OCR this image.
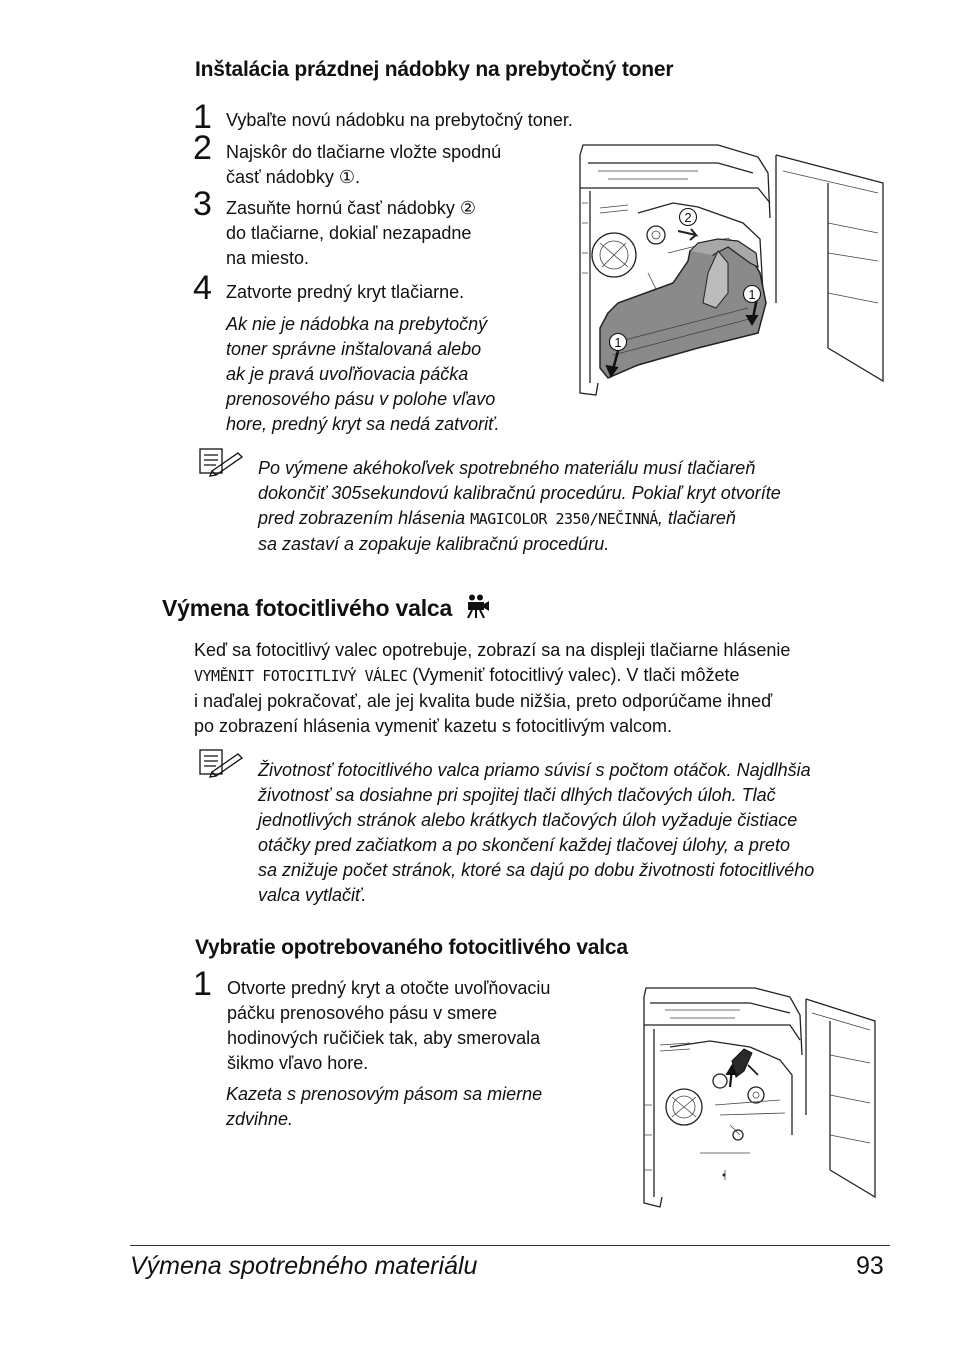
Inštalácia prázdnej nádobky na prebytočný toner
1 Vybaľte novú nádobku na prebytočný toner.
2 Najskôr do tlačiarne vložte spodnú
časť nádobky ①.
3 Zasuňte hornú časť nádobky ②
do tlačiarne, dokiaľ nezapadne
na miesto.
4 Zatvorte predný kryt tlačiarne.
Ak nie je nádobka na prebytočný
toner správne inštalovaná alebo
ak je pravá uvoľňovacia páčka
prenosového pásu v polohe vľavo
hore, predný kryt sa nedá zatvoriť.
2
1
1
Po výmene akéhokoľvek spotrebného materiálu musí tlačiareň
dokončiť 305sekundovú kalibračnú procedúru. Pokiaľ kryt otvoríte
pred zobrazením hlásenia MAGICOLOR 2350/NEČINNÁ, tlačiareň
sa zastaví a zopakuje kalibračnú procedúru.
Výmena fotocitlivého valca
Keď sa fotocitlivý valec opotrebuje, zobrazí sa na displeji tlačiarne hlásenie
VYMĚNIT FOTOCITLIVÝ VÁLEC (Vymeniť fotocitlivý valec). V tlači môžete
i naďalej pokračovať, ale jej kvalita bude nižšia, preto odporúčame ihneď
po zobrazení hlásenia vymeniť kazetu s fotocitlivým valcom.
Životnosť fotocitlivého valca priamo súvisí s počtom otáčok. Najdlhšia
životnosť sa dosiahne pri spojitej tlači dlhých tlačových úloh. Tlač
jednotlivých stránok alebo krátkych tlačových úloh vyžaduje čistiace
otáčky pred začiatkom a po skončení každej tlačovej úlohy, a preto
sa znižuje počet stránok, ktoré sa dajú po dobu životnosti fotocitlivého
valca vytlačiť.
Vybratie opotrebovaného fotocitlivého valca
1 Otvorte predný kryt a otočte uvoľňovaciu
páčku prenosového pásu v smere
hodinových ručičiek tak, aby smerovala
šikmo vľavo hore.
Kazeta s prenosovým pásom sa mierne
zdvihne.
Výmena spotrebného materiálu	93
